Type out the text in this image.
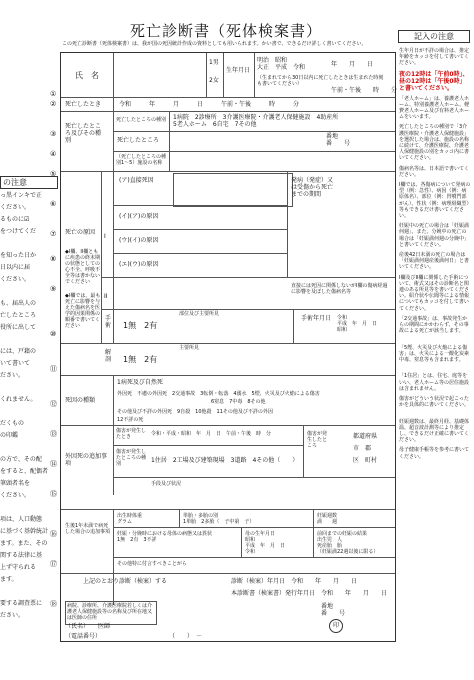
の注意
っ黒インキで正
ください。
るものに☑
をつけてくだ
を知った日か
日以内に届
ください。
も、届出人の
亡したところ
役所に出して
には、戸籍の
いて書いて
ださい。
くれません。
だくもの
の印鑑
の方で、その配
をすると、配偶者
筆頭者名を
ください。
項は、人口動態
に基づく基幹統計
ます。また、その
関する法律に基
上ず守られる
ます。
要する調査票に
ださい。
死亡診断書（死体検案書）
この死亡診断書（死体検案書）は、我が国の死因統計作成の資料としても用いられます。かい書で、できるだけ詳しく書いてください。
記入の注意
生年月日が不詳の場合は、推定年齢をカッコを付して書いてください。
夜の12時は「午前0時」、昼の12時は「午後0時」と書いてください。
「老人ホーム」は、養護老人ホーム、特別養護老人ホーム、軽費老人ホーム及び有料老人ホームをいいます。
死亡したところの種別で「3介護医療院・介護老人保健施設」を選択した場合は、施設の名称に続けて、介護医療院、介護老人保健施設の別をカッコ内に書いてください。
傷病名等は、日本語で書いてください。
I欄では、各傷病について発病の型（例：急性）、病因（例：病原体名）、部位（例：胃噴門部がん）、性状（例：病理組織型）等もできるだけ書いてください。
妊娠中の死亡の場合は「妊娠満何週」、また、分娩中の死亡の場合は「妊娠満何週の分娩中」と書いてください。
産後42日未満の死亡の場合は「妊娠満何週産後満何日」と書いてください。
I欄及びII欄に関係した手術について、術式又はその診断名と関連のある所見等を書いてください。紹介状や伝聞等による情報についてもカッコを付して書いてください。
「2交通事故」は、事故発生からの期間にかかわらず、その事故による死亡が該当します。
「5煙、火災及び火焔による傷害」は、火災による一酸化炭素中毒、窒息等も含まれます。
「1住居」とは、住宅、庭等をいい、老人ホーム等の居住施設は含まれません。
傷害がどういう状況で起こったかを具体的に書いてください。
妊娠週数は、最終月経、基礎体温、超音波計測等により推定し、できるだけ正確に書いてください。
母子健康手帳等を参考に書いてください。
氏　名
1男
2女
生年月日
明治　昭和
大正　平成　令和	年　　月　　日
（生まれてから30日以内に死亡したときは生まれた時刻も書いてください）
午前・午後　　時　　分
死亡したとき	令和　　　年　　　月　　　日　　　午前・午後　　　時　　　分
死亡したところ及びその種別
死亡したところの種別 1病院　2診療所　3介護医療院・介護老人保健施設　4助産所
5老人ホーム　6自宅　7その他
死亡したところ
番地
番　　号
（死亡したところの種別1〜5）施設の名称
死亡の原因
◆I欄、II欄ともに疾患の終末期の状態としての心不全、呼吸不全等は書かないでください
◆I欄では、最も死亡に影響を与えた傷病名を医学的因果関係の順番で書いてください
I
(ア)直接死因
(イ)(ア)の原因
(ウ)(イ)の原因
(エ)(ウ)の原因
発病（発症）又は受傷から死亡までの期間
II
直接には死因に関係しないがI欄の傷病経過に影響を及ぼした傷病名等
手術	1無　2有
部位及び主要所見
手術年月日 令和
平成　年　月　日
昭和
解剖	1無　2有
主要所見
死因の種類
1病死及び自然死
外因死　不慮の外因死　2交通事故　3転倒・転落　4溺水　5煙、火災及び火焔による傷害
6窒息　7中毒　8その他
その他及び不詳の外因死　9自殺　10他殺　11その他及び不詳の外因
12不詳の死
外因死の追加事項
傷害が発生したとき	令和・平成・昭和　年　月　日　午前・午後　時　分	傷害が発生したところ
都道府県
市　郡
区　町村
傷害が発生したところの種別	1住居　2工場及び建築現場　3道路　4その他（　　）
手段及び状況
生後1年未満で病死した場合の追加事項
出生時体重
グラム
単胎・多胎の別
1単胎　2多胎（　子中第　子）
妊娠週数
満　　週
妊娠・分娩時における母体の病態又は異状
1無　2有　3不詳
母の生年月日
昭和
平成　年　月　日
令和
前回までの妊娠の結果
出生児　人
死産胎　胎
（妊娠満22週以後に限る）
その他特に付言すべきことがら
上記のとおり診断（検案）する	診断（検案）年月日　令和　　年　　月　　日
本診断書（検案書）発行年月日　令和　　年　　月　　日
病院、診療所、介護医療院若しくは介護老人保健施設等の名称及び所在地又は医師の住所
番地
番　　号
（氏名）　　医師
（電話番号）	（　　）　－
印
①
②
③
④
⑤
⑥
⑦
⑧
⑨
⑩
⑪
⑫
⑬
⑭
⑮
⑯
⑰
⑱
